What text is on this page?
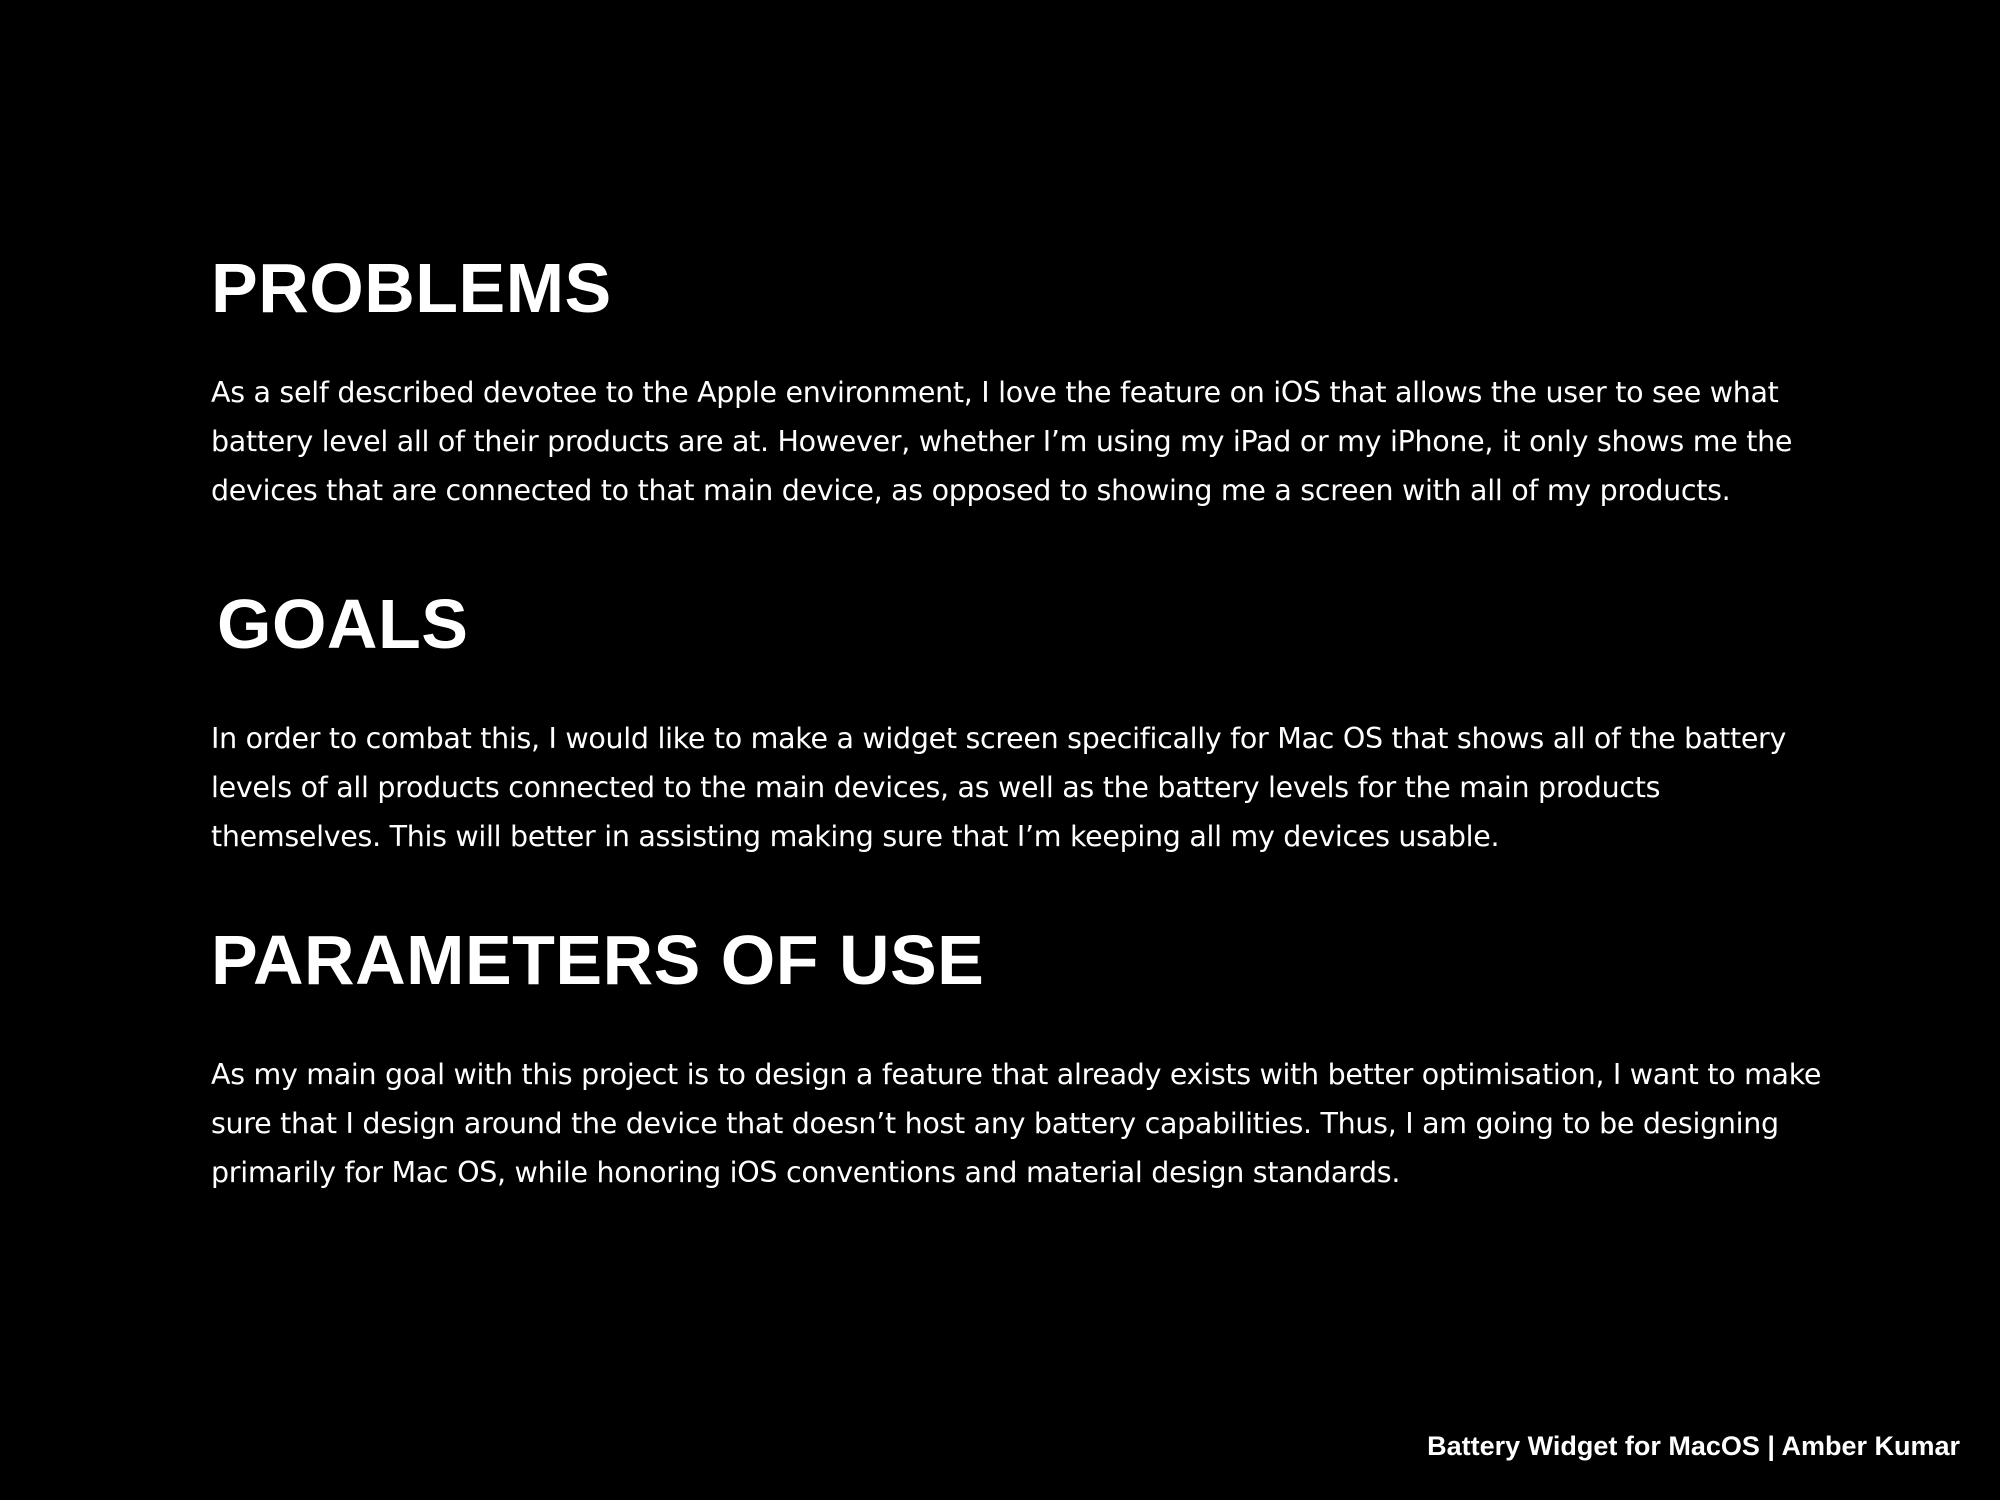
PROBLEMS

As a self described devotee to the Apple environment, I love the feature on iOS that allows the user to see what
battery level all of their products are at. However, whether I’m using my iPad or my iPhone, it only shows me the
devices that are connected to that main device, as opposed to showing me a screen with all of my products.

GOALS

In order to combat this, I would like to make a widget screen specifically for Mac OS that shows all of the battery
levels of all products connected to the main devices, as well as the battery levels for the main products
themselves. This will better in assisting making sure that I’m keeping all my devices usable.

PARAMETERS OF USE

As my main goal with this project is to design a feature that already exists with better optimisation, I want to make
sure that I design around the device that doesn’t host any battery capabilities. Thus, I am going to be designing
primarily for Mac OS, while honoring iOS conventions and material design standards.

Battery Widget for MacOS | Amber Kumar
